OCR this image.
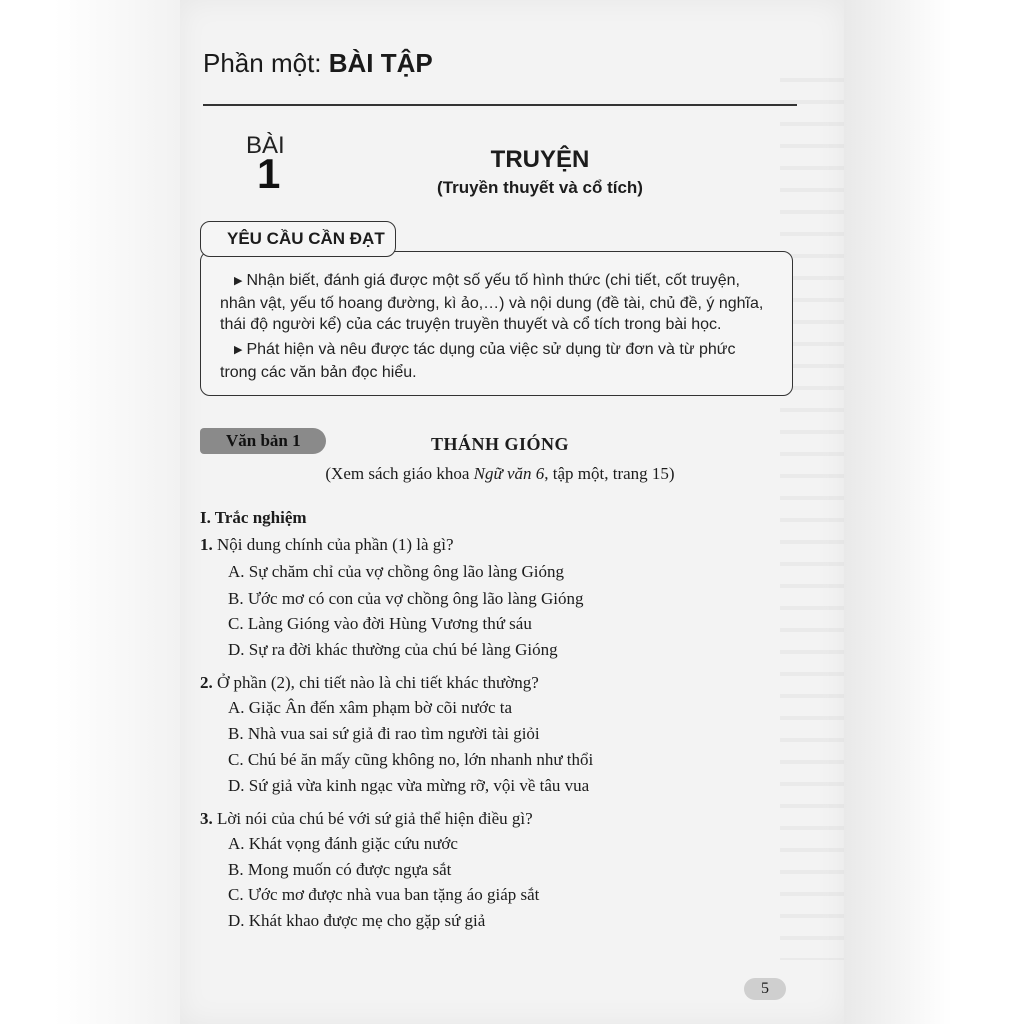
Phần một: BÀI TẬP
BÀI
1	TRUYỆN
(Truyền thuyết và cổ tích)
YÊU CẦU CẦN ĐẠT
▶ Nhận biết, đánh giá được một số yếu tố hình thức (chi tiết, cốt truyện,
nhân vật, yếu tố hoang đường, kì ảo,…) và nội dung (đề tài, chủ đề, ý nghĩa,
thái độ người kể) của các truyện truyền thuyết và cổ tích trong bài học.
▶ Phát hiện và nêu được tác dụng của việc sử dụng từ đơn và từ phức
trong các văn bản đọc hiểu.
Văn bản 1	THÁNH GIÓNG
(Xem sách giáo khoa Ngữ văn 6, tập một, trang 15)
I. Trắc nghiệm
1. Nội dung chính của phần (1) là gì?
A. Sự chăm chỉ của vợ chồng ông lão làng Gióng
B. Ước mơ có con của vợ chồng ông lão làng Gióng
C. Làng Gióng vào đời Hùng Vương thứ sáu
D. Sự ra đời khác thường của chú bé làng Gióng
2. Ở phần (2), chi tiết nào là chi tiết khác thường?
A. Giặc Ân đến xâm phạm bờ cõi nước ta
B. Nhà vua sai sứ giả đi rao tìm người tài giỏi
C. Chú bé ăn mấy cũng không no, lớn nhanh như thổi
D. Sứ giả vừa kinh ngạc vừa mừng rỡ, vội về tâu vua
3. Lời nói của chú bé với sứ giả thể hiện điều gì?
A. Khát vọng đánh giặc cứu nước
B. Mong muốn có được ngựa sắt
C. Ước mơ được nhà vua ban tặng áo giáp sắt
D. Khát khao được mẹ cho gặp sứ giả
5
